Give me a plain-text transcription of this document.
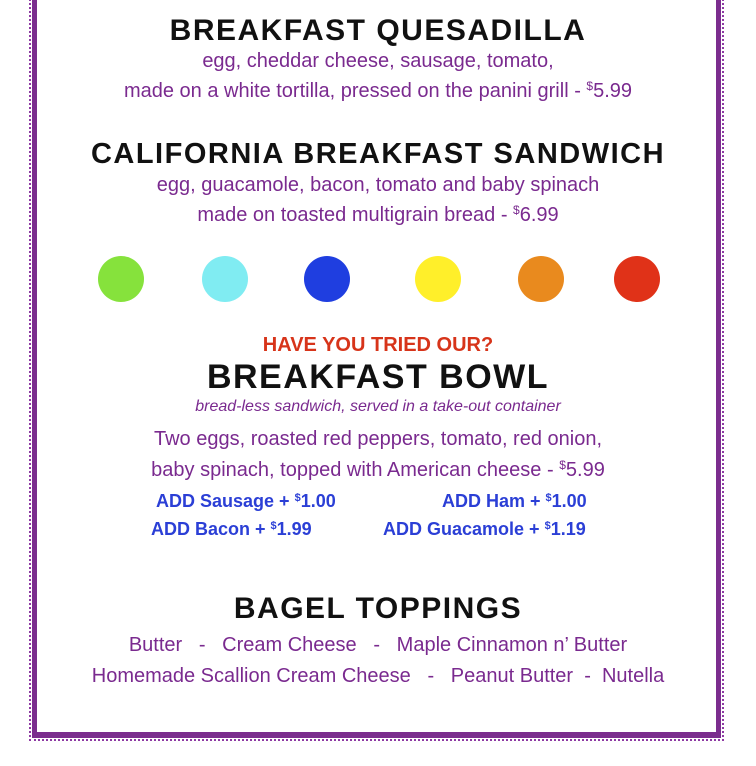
BREAKFAST QUESADILLA
egg, cheddar cheese, sausage, tomato,
made on a white tortilla, pressed on the panini grill - $5.99
CALIFORNIA BREAKFAST SANDWICH
egg, guacamole, bacon, tomato and baby spinach
made on toasted multigrain bread - $6.99
HAVE YOU TRIED OUR?
BREAKFAST BOWL
bread-less sandwich, served in a take-out container
Two eggs, roasted red peppers, tomato, red onion,
baby spinach, topped with American cheese - $5.99
ADD Sausage + $1.00	ADD Ham + $1.00
ADD Bacon + $1.99	ADD Guacamole + $1.19
BAGEL TOPPINGS
Butter   -   Cream Cheese   -   Maple Cinnamon n’ Butter
Homemade Scallion Cream Cheese   -   Peanut Butter  -  Nutella
